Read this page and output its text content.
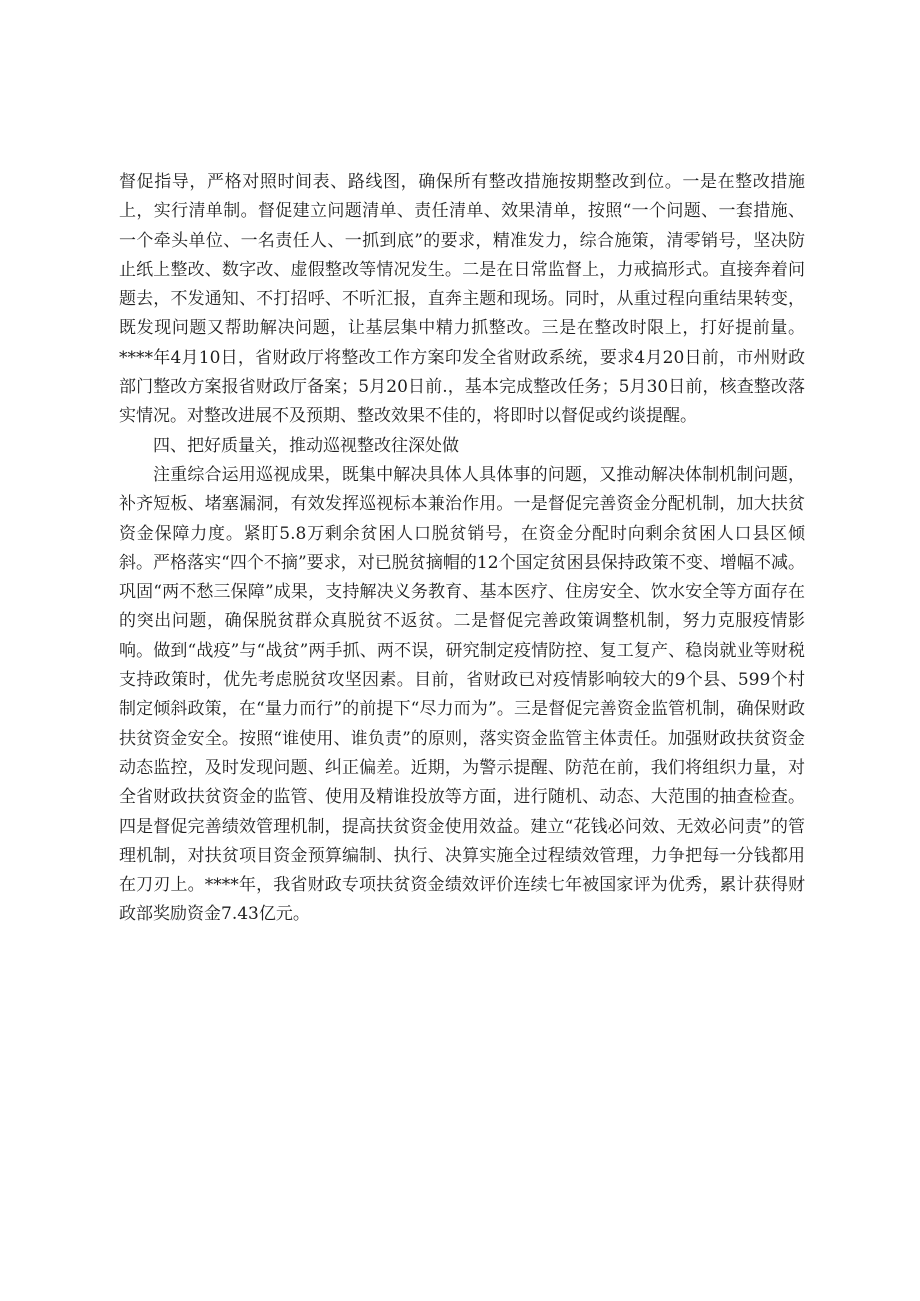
督促指导，严格对照时间表、路线图，确保所有整改措施按期整改到位。一是在整改措施上，实行清单制。督促建立问题清单、责任清单、效果清单，按照“一个问题、一套措施、一个牵头单位、一名责任人、一抓到底”的要求，精准发力，综合施策，清零销号，坚决防止纸上整改、数字改、虚假整改等情况发生。二是在日常监督上，力戒搞形式。直接奔着问题去，不发通知、不打招呼、不听汇报，直奔主题和现场。同时，从重过程向重结果转变，既发现问题又帮助解决问题，让基层集中精力抓整改。三是在整改时限上，打好提前量。****年4月10日，省财政厅将整改工作方案印发全省财政系统，要求4月20日前，市州财政部门整改方案报省财政厅备案；5月20日前.，基本完成整改任务；5月30日前，核查整改落实情况。对整改进展不及预期、整改效果不佳的，将即时以督促或约谈提醒。

四、把好质量关，推动巡视整改往深处做

注重综合运用巡视成果，既集中解决具体人具体事的问题，又推动解决体制机制问题，补齐短板、堵塞漏洞，有效发挥巡视标本兼治作用。一是督促完善资金分配机制，加大扶贫资金保障力度。紧盯5.8万剩余贫困人口脱贫销号，在资金分配时向剩余贫困人口县区倾斜。严格落实“四个不摘”要求，对已脱贫摘帽的12个国定贫困县保持政策不变、增幅不减。巩固“两不愁三保障”成果，支持解决义务教育、基本医疗、住房安全、饮水安全等方面存在的突出问题，确保脱贫群众真脱贫不返贫。二是督促完善政策调整机制，努力克服疫情影响。做到“战疫”与“战贫”两手抓、两不误，研究制定疫情防控、复工复产、稳岗就业等财税支持政策时，优先考虑脱贫攻坚因素。目前，省财政已对疫情影响较大的9个县、599个村制定倾斜政策，在“量力而行”的前提下“尽力而为”。三是督促完善资金监管机制，确保财政扶贫资金安全。按照“谁使用、谁负责”的原则，落实资金监管主体责任。加强财政扶贫资金动态监控，及时发现问题、纠正偏差。近期，为警示提醒、防范在前，我们将组织力量，对全省财政扶贫资金的监管、使用及精谁投放等方面，进行随机、动态、大范围的抽查检查。四是督促完善绩效管理机制，提高扶贫资金使用效益。建立“花钱必问效、无效必问责”的管理机制，对扶贫项目资金预算编制、执行、决算实施全过程绩效管理，力争把每一分钱都用在刀刃上。****年，我省财政专项扶贫资金绩效评价连续七年被国家评为优秀，累计获得财政部奖励资金7.43亿元。
